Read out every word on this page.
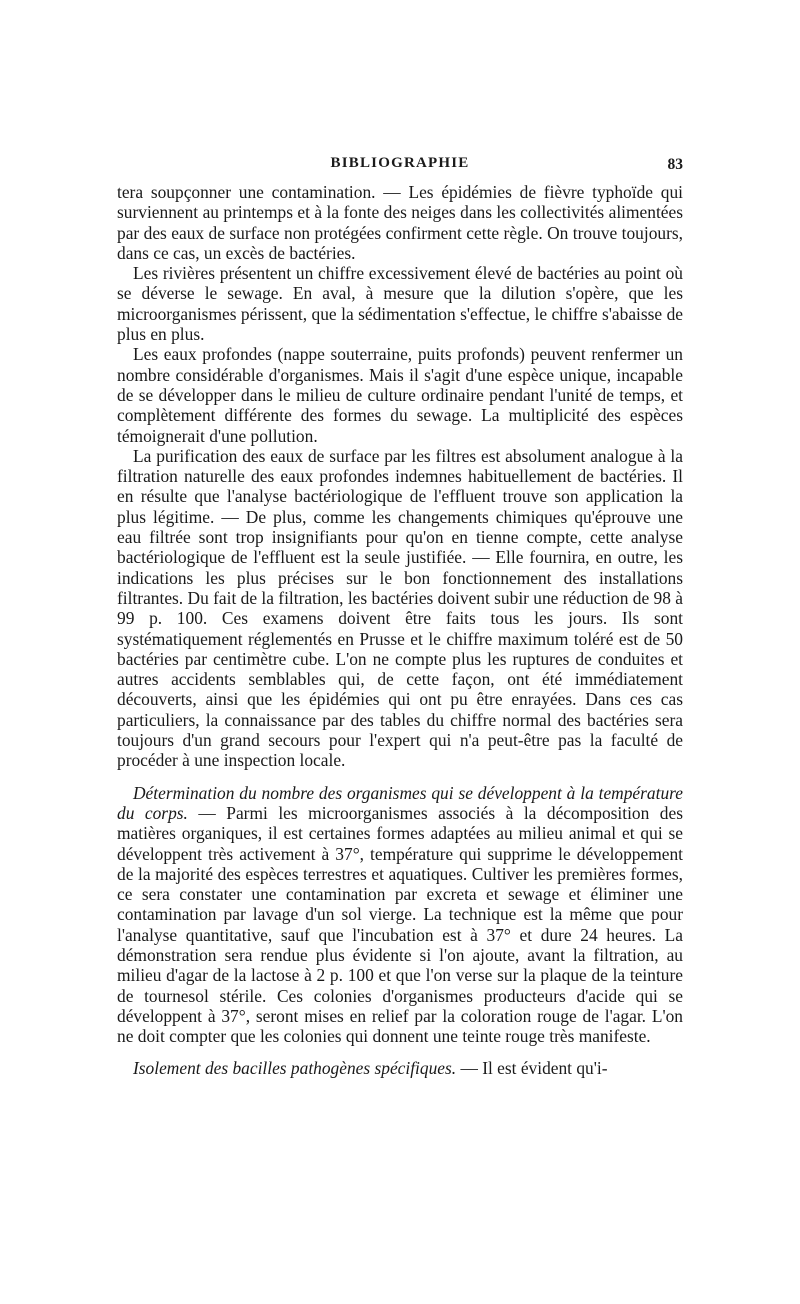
BIBLIOGRAPHIE	83

tera soupçonner une contamination. — Les épidémies de fièvre typhoïde qui surviennent au printemps et à la fonte des neiges dans les collectivités alimentées par des eaux de surface non protégées confirment cette règle. On trouve toujours, dans ce cas, un excès de bactéries.

Les rivières présentent un chiffre excessivement élevé de bactéries au point où se déverse le sewage. En aval, à mesure que la dilution s'opère, que les microorganismes périssent, que la sédimentation s'effectue, le chiffre s'abaisse de plus en plus.

Les eaux profondes (nappe souterraine, puits profonds) peuvent renfermer un nombre considérable d'organismes. Mais il s'agit d'une espèce unique, incapable de se développer dans le milieu de culture ordinaire pendant l'unité de temps, et complètement différente des formes du sewage. La multiplicité des espèces témoignerait d'une pollution.

La purification des eaux de surface par les filtres est absolument analogue à la filtration naturelle des eaux profondes indemnes habituellement de bactéries. Il en résulte que l'analyse bactériologique de l'effluent trouve son application la plus légitime. — De plus, comme les changements chimiques qu'éprouve une eau filtrée sont trop insignifiants pour qu'on en tienne compte, cette analyse bactériologique de l'effluent est la seule justifiée. — Elle fournira, en outre, les indications les plus précises sur le bon fonctionnement des installations filtrantes. Du fait de la filtration, les bactéries doivent subir une réduction de 98 à 99 p. 100. Ces examens doivent être faits tous les jours. Ils sont systématiquement réglementés en Prusse et le chiffre maximum toléré est de 50 bactéries par centimètre cube. L'on ne compte plus les ruptures de conduites et autres accidents semblables qui, de cette façon, ont été immédiatement découverts, ainsi que les épidémies qui ont pu être enrayées. Dans ces cas particuliers, la connaissance par des tables du chiffre normal des bactéries sera toujours d'un grand secours pour l'expert qui n'a peut-être pas la faculté de procéder à une inspection locale.

Détermination du nombre des organismes qui se développent à la température du corps. — Parmi les microorganismes associés à la décomposition des matières organiques, il est certaines formes adaptées au milieu animal et qui se développent très activement à 37°, température qui supprime le développement de la majorité des espèces terrestres et aquatiques. Cultiver les premières formes, ce sera constater une contamination par excreta et sewage et éliminer une contamination par lavage d'un sol vierge. La technique est la même que pour l'analyse quantitative, sauf que l'incubation est à 37° et dure 24 heures. La démonstration sera rendue plus évidente si l'on ajoute, avant la filtration, au milieu d'agar de la lactose à 2 p. 100 et que l'on verse sur la plaque de la teinture de tournesol stérile. Ces colonies d'organismes producteurs d'acide qui se développent à 37°, seront mises en relief par la coloration rouge de l'agar. L'on ne doit compter que les colonies qui donnent une teinte rouge très manifeste.

Isolement des bacilles pathogènes spécifiques. — Il est évident qu'i-
